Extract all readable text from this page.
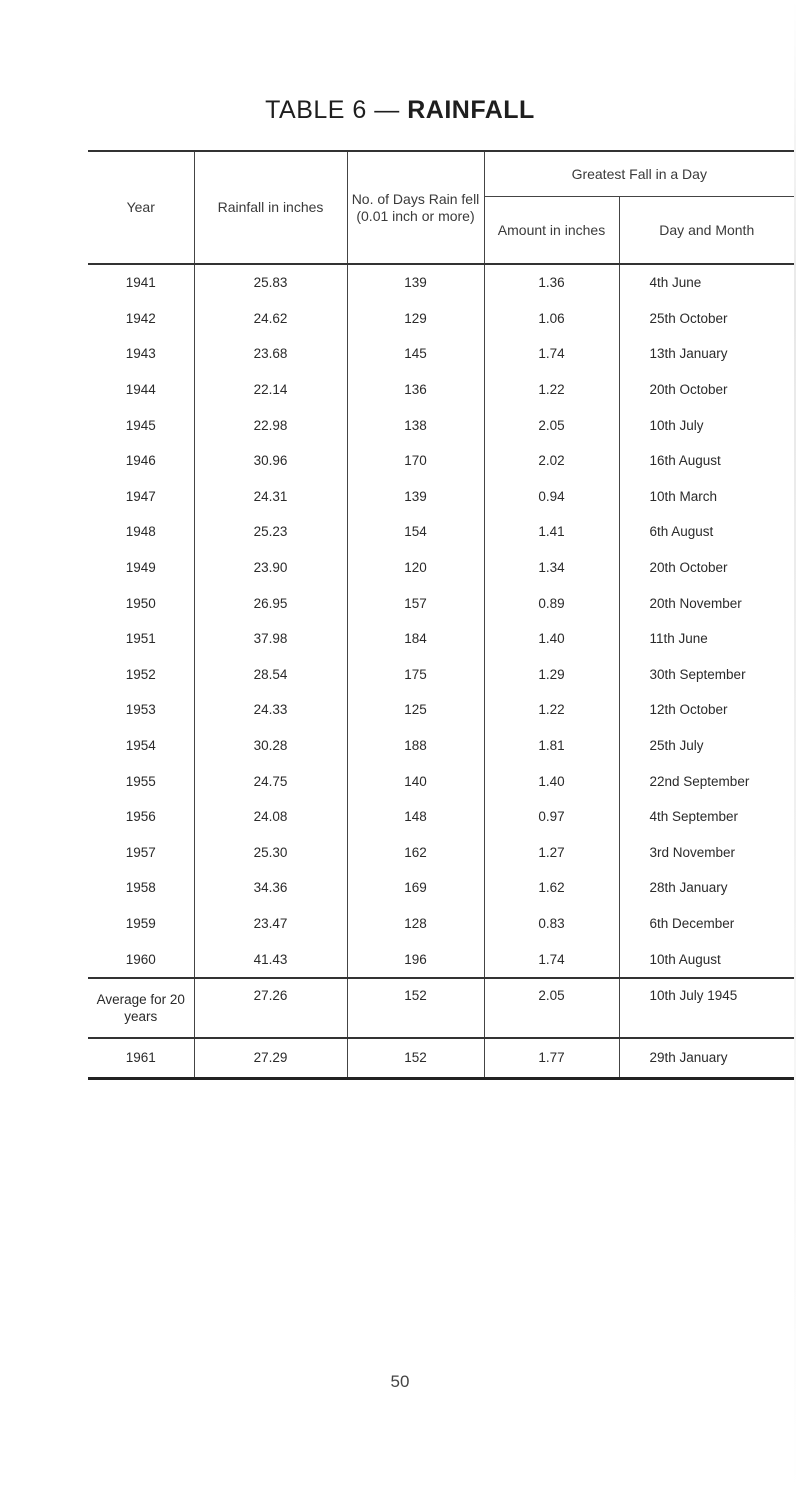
TABLE 6 — RAINFALL
Year	Rainfall in inches	No. of Days Rain fell (0.01 inch or more)	Greatest Fall in a Day	
			Amount in inches	Day and Month
1941	25.83	139	1.36	4th June
1942	24.62	129	1.06	25th October
1943	23.68	145	1.74	13th January
1944	22.14	136	1.22	20th October
1945	22.98	138	2.05	10th July
1946	30.96	170	2.02	16th August
1947	24.31	139	0.94	10th March
1948	25.23	154	1.41	6th August
1949	23.90	120	1.34	20th October
1950	26.95	157	0.89	20th November
1951	37.98	184	1.40	11th June
1952	28.54	175	1.29	30th September
1953	24.33	125	1.22	12th October
1954	30.28	188	1.81	25th July
1955	24.75	140	1.40	22nd September
1956	24.08	148	0.97	4th September
1957	25.30	162	1.27	3rd November
1958	34.36	169	1.62	28th January
1959	23.47	128	0.83	6th December
1960	41.43	196	1.74	10th August
Average for 20 years	27.26	152	2.05	10th July 1945
1961	27.29	152	1.77	29th January
50
